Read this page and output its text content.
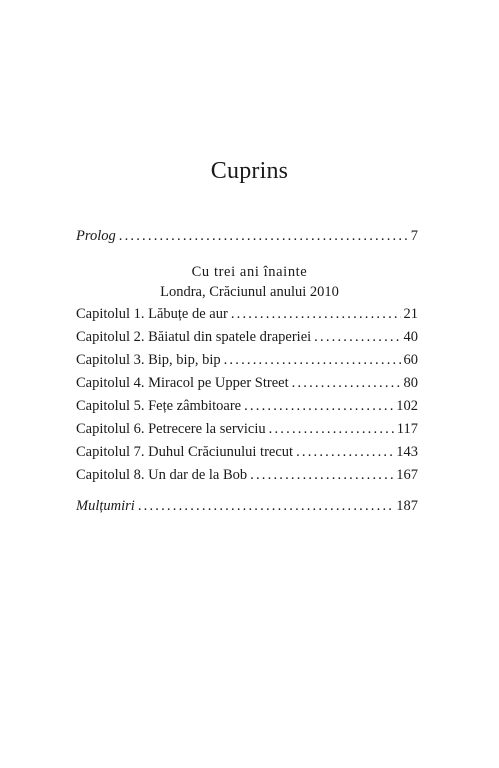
Cuprins
Prolog .....	7
Cu trei ani înainte
Londra, Crăciunul anului 2010
Capitolul 1. Lăbuțe de aur .....	21
Capitolul 2. Băiatul din spatele draperiei .....	40
Capitolul 3. Bip, bip, bip .....	60
Capitolul 4. Miracol pe Upper Street .....	80
Capitolul 5. Fețe zâmbitoare .....	102
Capitolul 6. Petrecere la serviciu .....	117
Capitolul 7. Duhul Crăciunului trecut .....	143
Capitolul 8. Un dar de la Bob .....	167
Mulțumiri .....	187
